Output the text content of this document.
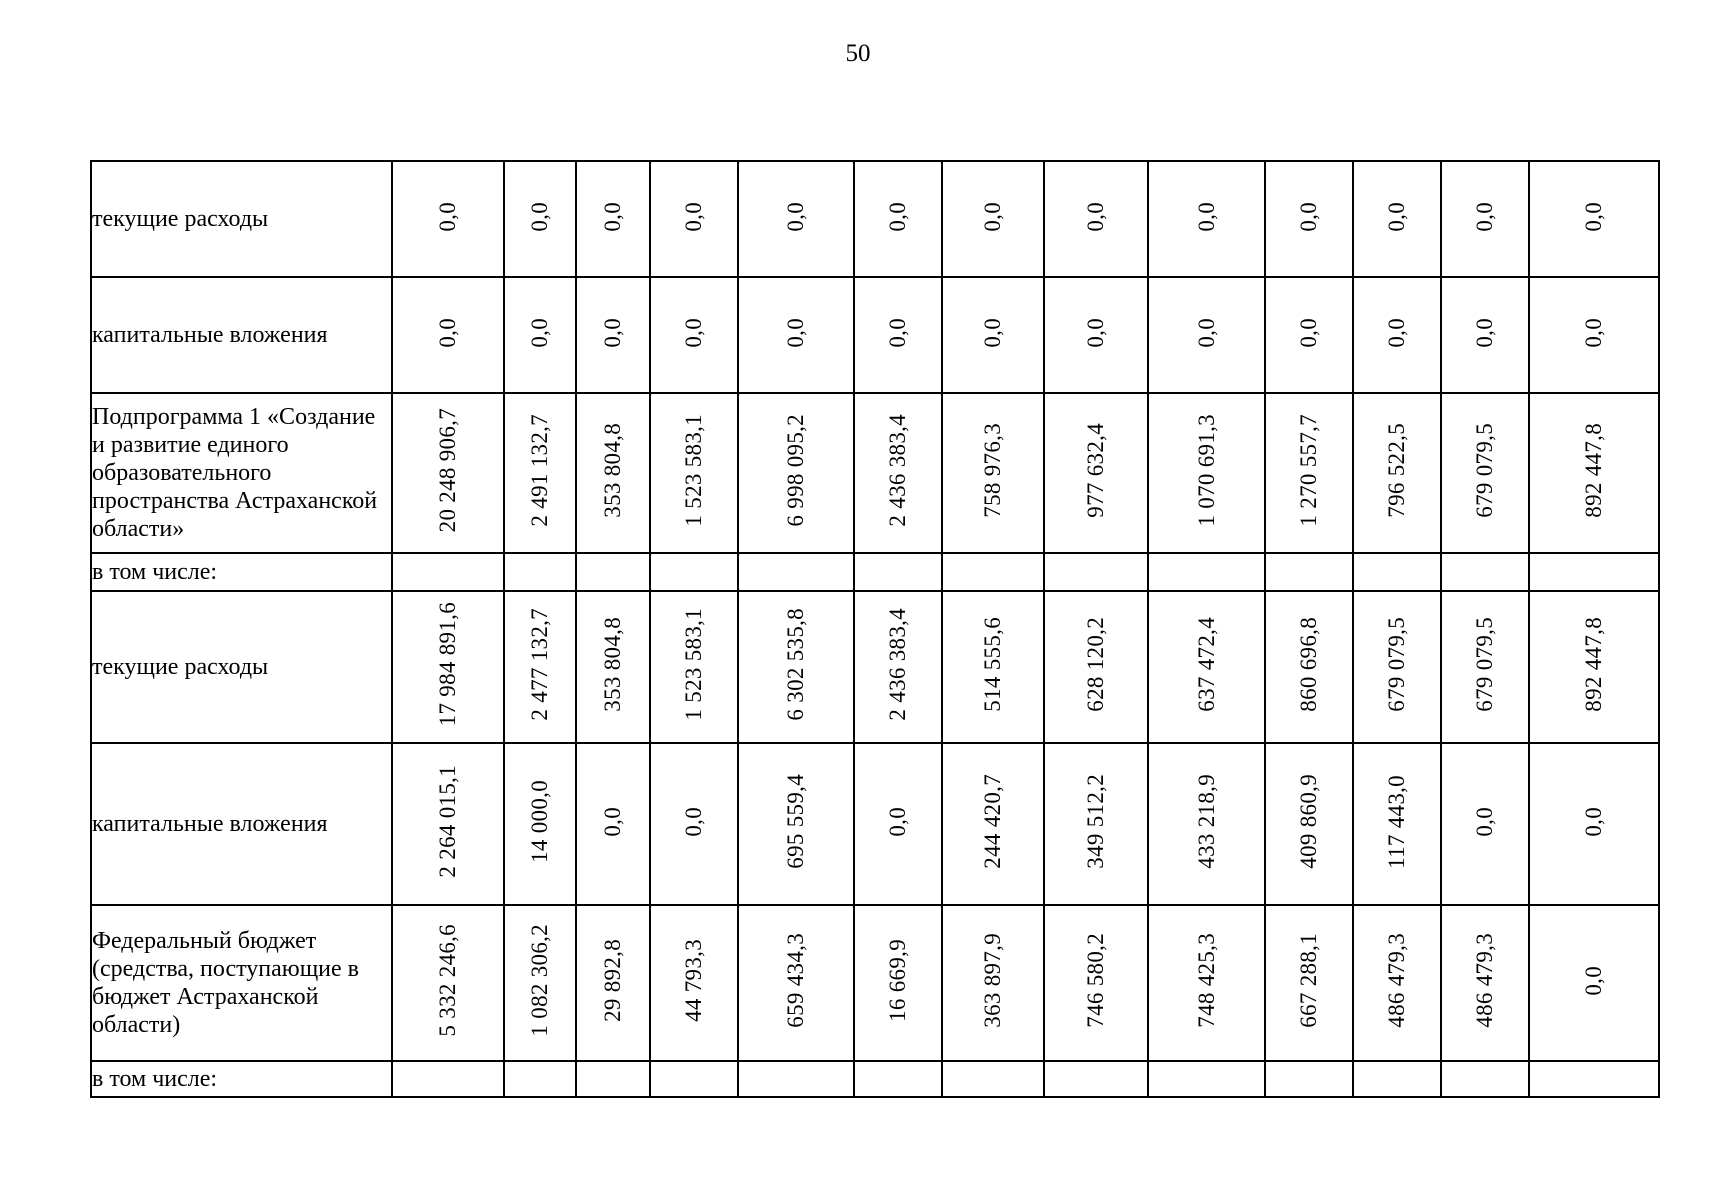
50
текущие расходы	0,0	0,0	0,0	0,0	0,0	0,0	0,0	0,0	0,0	0,0	0,0	0,0	0,0
капитальные вложения	0,0	0,0	0,0	0,0	0,0	0,0	0,0	0,0	0,0	0,0	0,0	0,0	0,0
Подпрограмма 1 «Создание и развитие единого образовательного пространства Астраханской области»	20 248 906,7	2 491 132,7	353 804,8	1 523 583,1	6 998 095,2	2 436 383,4	758 976,3	977 632,4	1 070 691,3	1 270 557,7	796 522,5	679 079,5	892 447,8
в том числе:													
текущие расходы	17 984 891,6	2 477 132,7	353 804,8	1 523 583,1	6 302 535,8	2 436 383,4	514 555,6	628 120,2	637 472,4	860 696,8	679 079,5	679 079,5	892 447,8
капитальные вложения	2 264 015,1	14 000,0	0,0	0,0	695 559,4	0,0	244 420,7	349 512,2	433 218,9	409 860,9	117 443,0	0,0	0,0
Федеральный бюджет (средства, поступающие в бюджет Астраханской области)	5 332 246,6	1 082 306,2	29 892,8	44 793,3	659 434,3	16 669,9	363 897,9	746 580,2	748 425,3	667 288,1	486 479,3	486 479,3	0,0
в том числе:													
